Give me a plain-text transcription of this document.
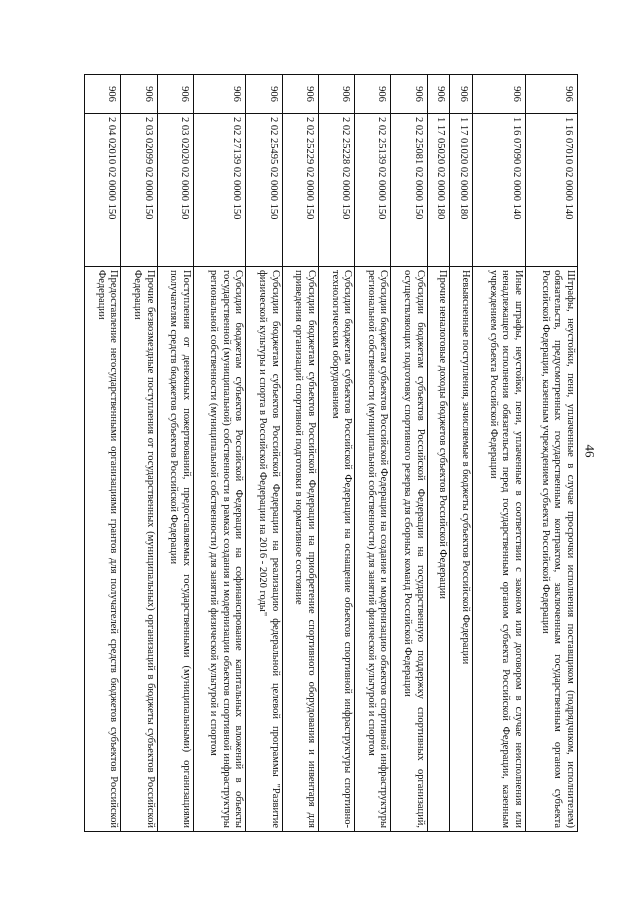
46
906	1 16 07010 02 0000 140	Штрафы, неустойки, пени, уплаченные в случае просрочки исполнения поставщиком (подрядчиком, исполнителем) обязательств, предусмотренных государственным контрактом, заключенным государственным органом субъекта Российской Федерации, казенным учреждением субъекта Российской Федерации
906	1 16 07090 02 0000 140	Иные штрафы, неустойки, пени, уплаченные в соответствии с законом или договором в случае неисполнения или ненадлежащего исполнения обязательств перед государственным органом субъекта Российской Федерации, казенным учреждением субъекта Российской Федерации
906	1 17 01020 02 0000 180	Невыясненные поступления, зачисляемые в бюджеты субъектов Российской Федерации
906	1 17 05020 02 0000 180	Прочие неналоговые доходы бюджетов субъектов Российской Федерации
906	2 02 25081 02 0000 150	Субсидии бюджетам субъектов Российской Федерации на государственную поддержку спортивных организаций, осуществляющих подготовку спортивного резерва для сборных команд Российской Федерации
906	2 02 25139 02 0000 150	Субсидии бюджетам субъектов Российской Федерации на создание и модернизацию объектов спортивной инфраструктуры региональной собственности (муниципальной собственности) для занятий физической культурой и спортом
906	2 02 25228 02 0000 150	Субсидии бюджетам субъектов Российской Федерации на оснащение объектов спортивной инфраструктуры спортивно-технологическим оборудованием
906	2 02 25229 02 0000 150	Субсидии бюджетам субъектов Российской Федерации на приобретение спортивного оборудования и инвентаря для приведения организаций спортивной подготовки в нормативное состояние
906	2 02 25495 02 0000 150	Субсидии бюджетам субъектов Российской Федерации на реализацию федеральной целевой программы "Развитие физической культуры и спорта в Российской Федерации на 2016 - 2020 годы"
906	2 02 27139 02 0000 150	Субсидии бюджетам субъектов Российской Федерации на софинансирование капитальных вложений в объекты государственной (муниципальной) собственности в рамках создания и модернизации объектов спортивной инфраструктуры региональной собственности (муниципальной собственности) для занятий физической культурой и спортом
906	2 03 02020 02 0000 150	Поступления от денежных пожертвований, предоставляемых государственными (муниципальными) организациями получателям средств бюджетов субъектов Российской Федерации
906	2 03 02099 02 0000 150	Прочие безвозмездные поступления от государственных (муниципальных) организаций в бюджеты субъектов Российской Федерации
906	2 04 02010 02 0000 150	Предоставление негосударственными организациями грантов для получателей средств бюджетов субъектов Российской Федерации
